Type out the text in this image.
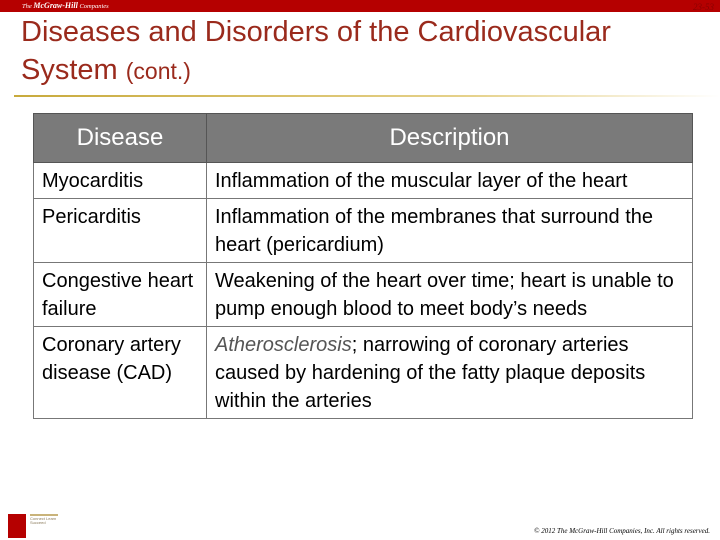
The McGraw-Hill Companies	23-53
Diseases and Disorders of the Cardiovascular System (cont.)
Disease	Description
Myocarditis	Inflammation of the muscular layer of the heart
Pericarditis	Inflammation of the membranes that surround the heart (pericardium)
Congestive heart failure	Weakening of the heart over time; heart is unable to pump enough blood to meet body’s needs
Coronary artery disease (CAD)	Atherosclerosis; narrowing of coronary arteries caused by hardening of the fatty plaque deposits within the arteries
Connect Learn Succeed
© 2012 The McGraw-Hill Companies, Inc. All rights reserved.
